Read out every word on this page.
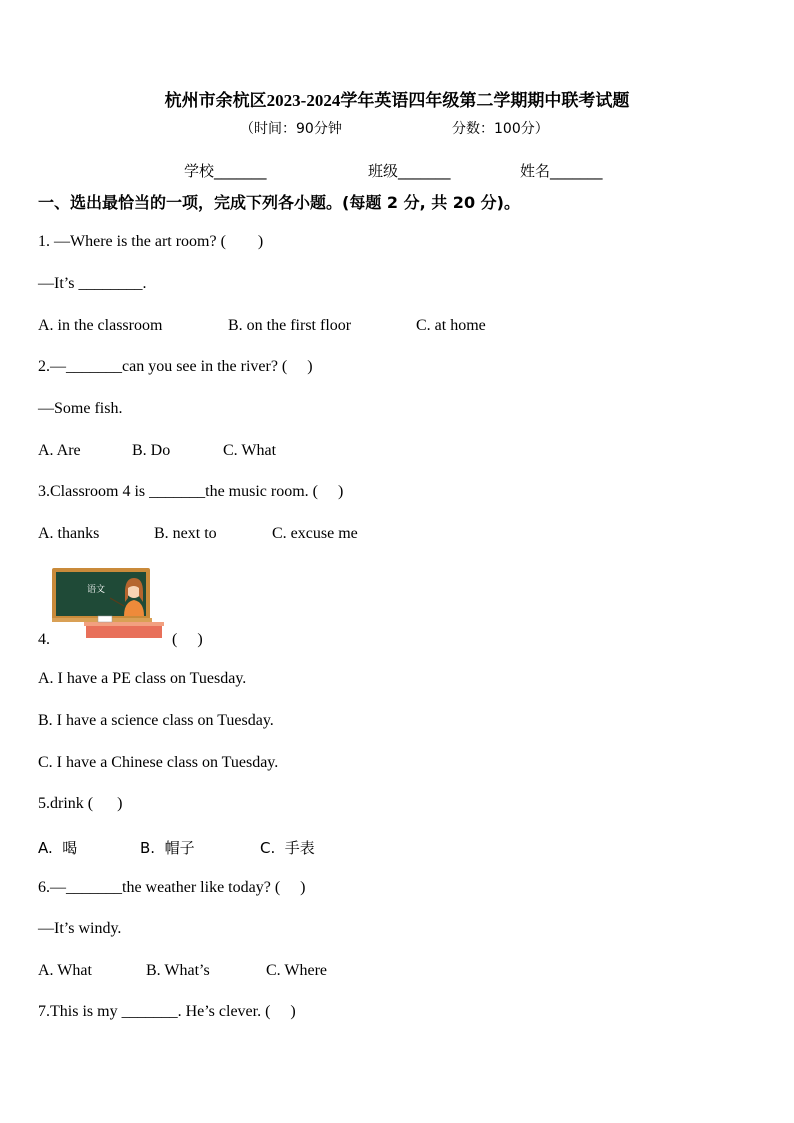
杭州市余杭区2023-2024学年英语四年级第二学期期中联考试题
（时间：90分钟	分数：100分）
学校_______	班级_______	姓名_______
一、选出最恰当的一项，完成下列各小题。(每题 2 分, 共 20 分)。
1. —Where is the art room? (        )
—It’s ________.
A. in the classroom	B. on the first floor	C. at home
2.—_______can you see in the river? (     )
—Some fish.
A. Are	B. Do	C. What
3.Classroom 4 is _______the music room. (     )
A. thanks	B. next to	C. excuse me
语文
4.	(     )
A. I have a PE class on Tuesday.
B. I have a science class on Tuesday.
C. I have a Chinese class on Tuesday.
5.drink (      )
A.  喝	B.  帽子	C.  手表
6.—_______the weather like today? (     )
—It’s windy.
A. What	B. What’s	C. Where
7.This is my _______. He’s clever. (     )
